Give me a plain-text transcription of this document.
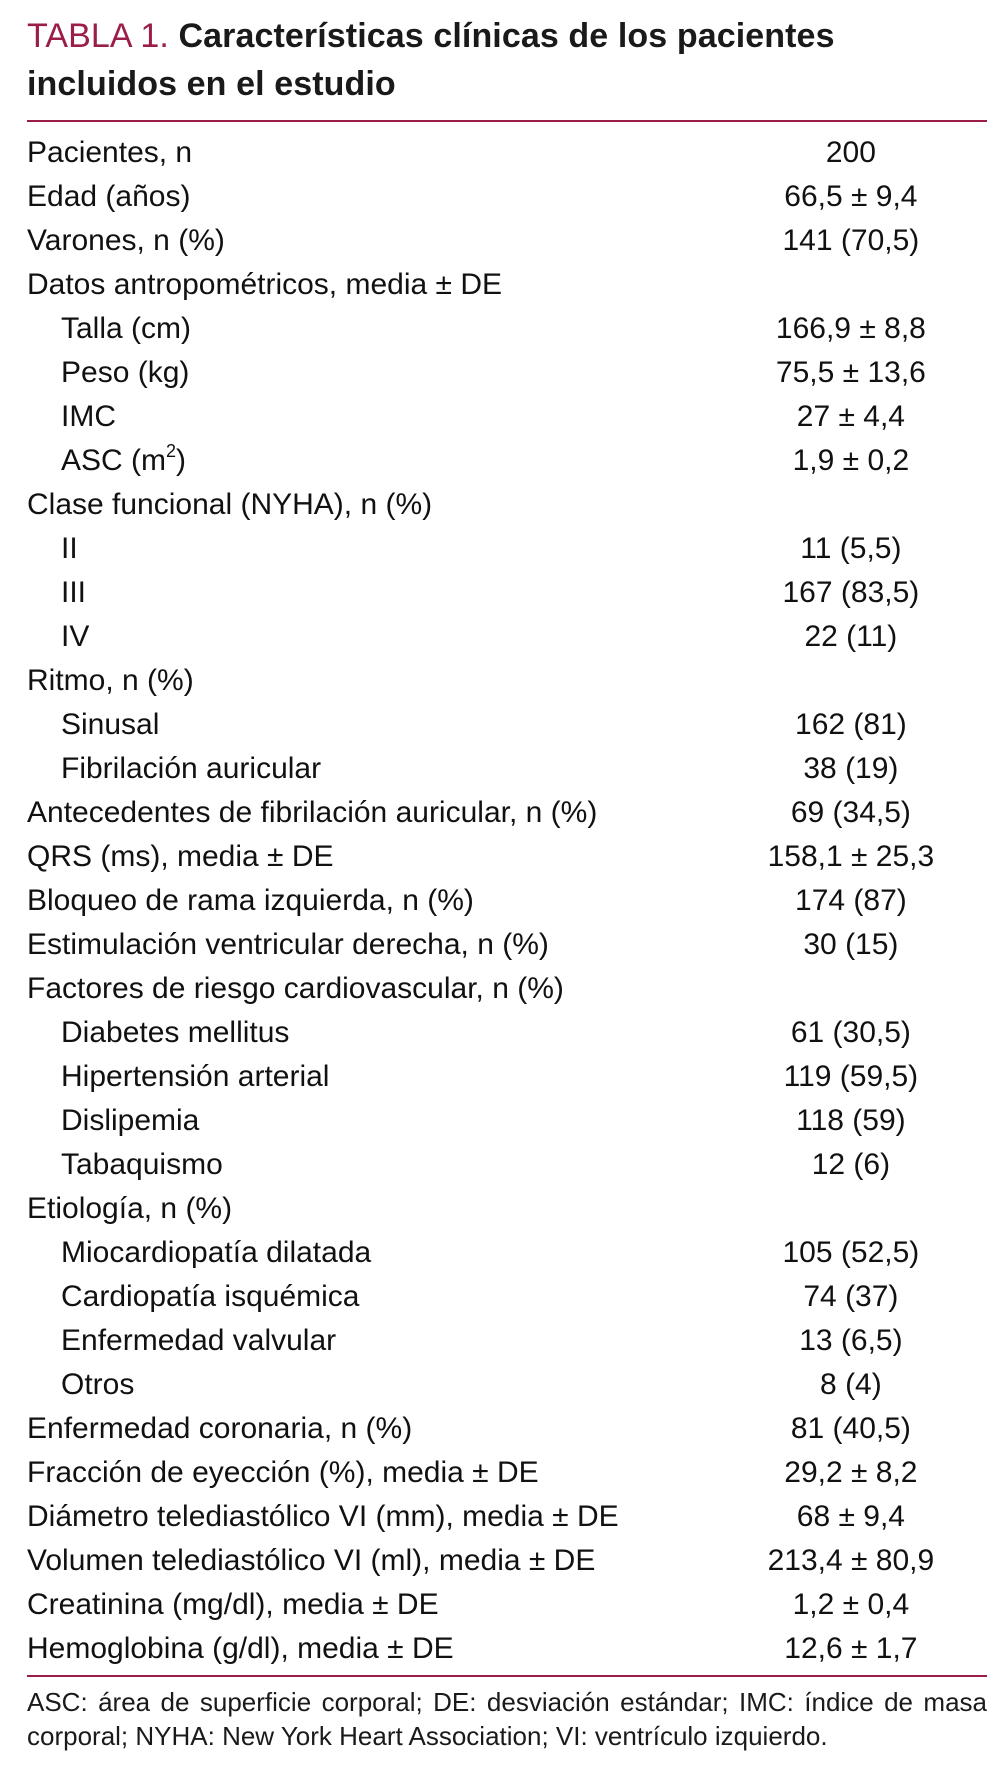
TABLA 1. Características clínicas de los pacientes incluidos en el estudio
Pacientes, n	200
Edad (años)	66,5 ± 9,4
Varones, n (%)	141 (70,5)
Datos antropométricos, media ± DE	
Talla (cm)	166,9 ± 8,8
Peso (kg)	75,5 ± 13,6
IMC	27 ± 4,4
ASC $(m^2)$	1,9 ± 0,2
Clase funcional (NYHA), n (%)	
II	11 (5,5)
III	167 (83,5)
IV	22 (11)
Ritmo, n (%)	
Sinusal	162 (81)
Fibrilación auricular	38 (19)
Antecedentes de fibrilación auricular, n (%)	69 (34,5)
QRS (ms), media ± DE	158,1 ± 25,3
Bloqueo de rama izquierda, n (%)	174 (87)
Estimulación ventricular derecha, n (%)	30 (15)
Factores de riesgo cardiovascular, n (%)	
Diabetes mellitus	61 (30,5)
Hipertensión arterial	119 (59,5)
Dislipemia	118 (59)
Tabaquismo	12 (6)
Etiología, n (%)	
Miocardiopatía dilatada	105 (52,5)
Cardiopatía isquémica	74 (37)
Enfermedad valvular	13 (6,5)
Otros	8 (4)
Enfermedad coronaria, n (%)	81 (40,5)
Fracción de eyección (%), media ± DE	29,2 ± 8,2
Diámetro telediastólico VI (mm), media ± DE	68 ± 9,4
Volumen telediastólico VI (ml), media ± DE	213,4 ± 80,9
Creatinina (mg/dl), media ± DE	1,2 ± 0,4
Hemoglobina (g/dl), media ± DE	12,6 ± 1,7
ASC: área de superficie corporal; DE: desviación estándar; IMC: índice de masa corporal; NYHA: New York Heart Association; VI: ventrículo izquierdo.
